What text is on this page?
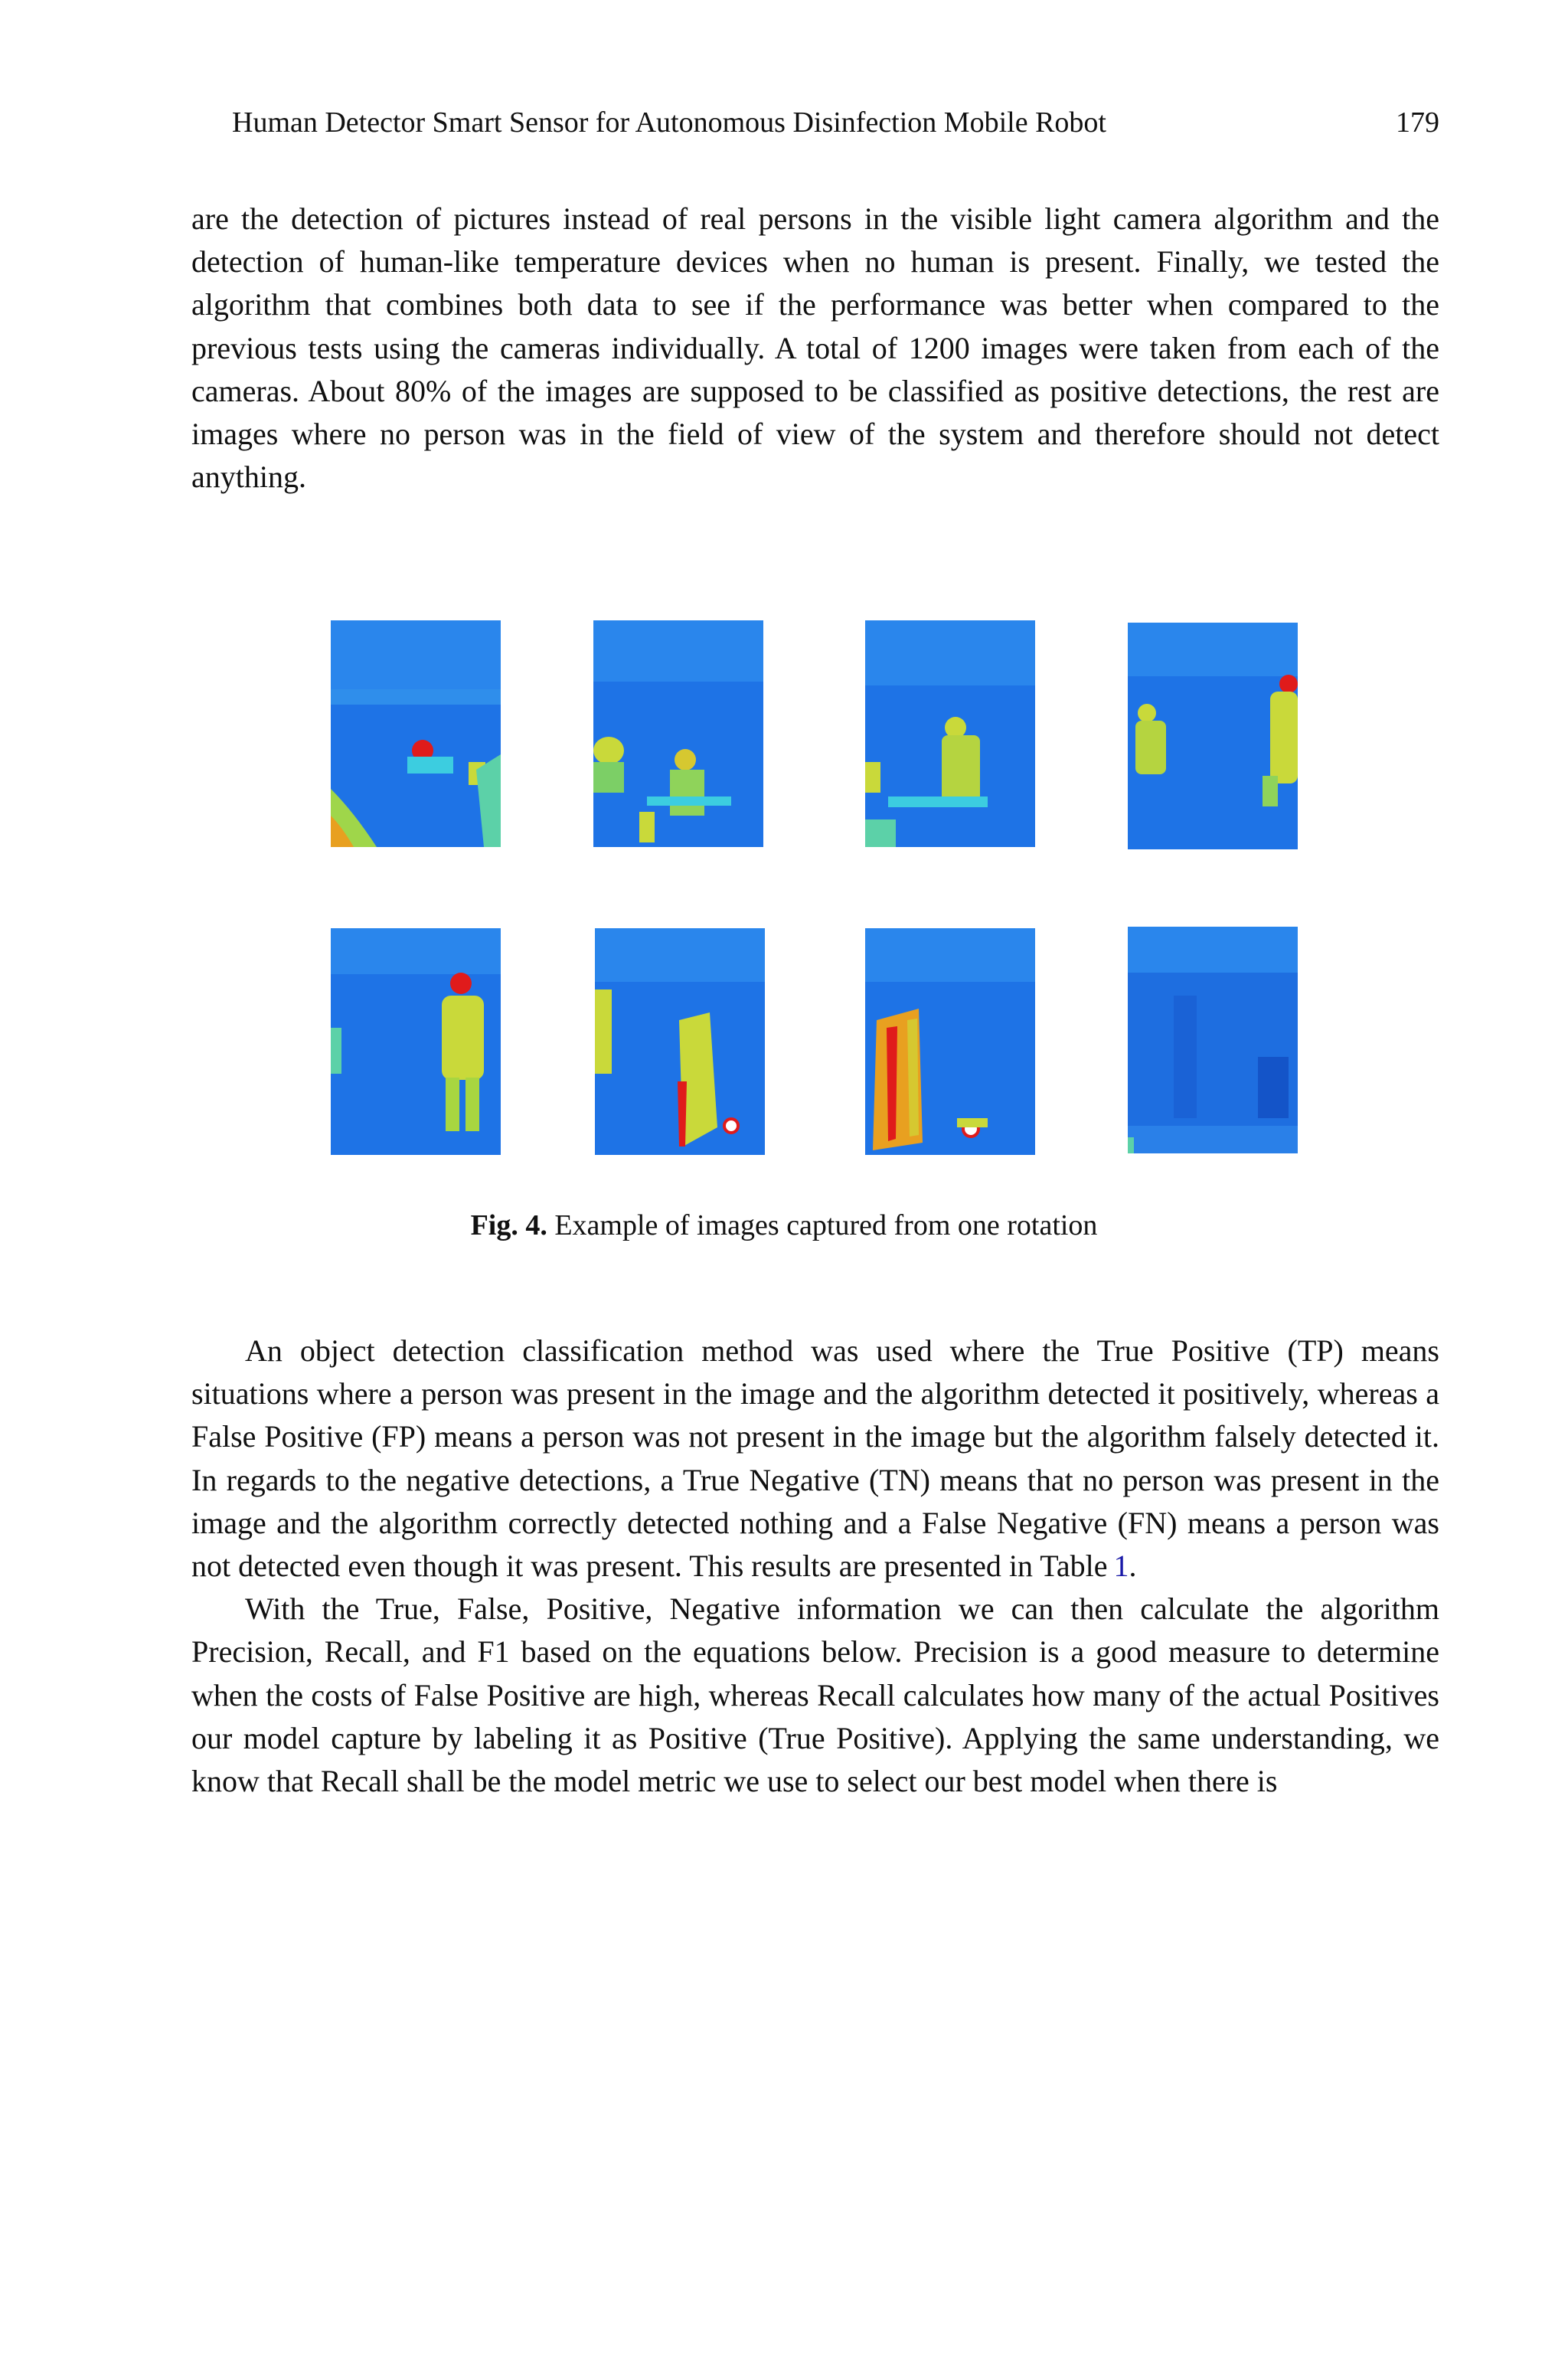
Human Detector Smart Sensor for Autonomous Disinfection Mobile Robot	179

are the detection of pictures instead of real persons in the visible light camera algorithm and the detection of human-like temperature devices when no human is present. Finally, we tested the algorithm that combines both data to see if the performance was better when compared to the previous tests using the cameras individually. A total of 1200 images were taken from each of the cameras. About 80% of the images are supposed to be classified as positive detections, the rest are images where no person was in the field of view of the system and therefore should not detect anything.

Fig. 4. Example of images captured from one rotation

An object detection classification method was used where the True Positive (TP) means situations where a person was present in the image and the algorithm detected it positively, whereas a False Positive (FP) means a person was not present in the image but the algorithm falsely detected it. In regards to the negative detections, a True Negative (TN) means that no person was present in the image and the algorithm correctly detected nothing and a False Negative (FN) means a person was not detected even though it was present. This results are presented in Table  1.

With the True, False, Positive, Negative information we can then calculate the algorithm Precision, Recall, and F1 based on the equations below. Precision is a good measure to determine when the costs of False Positive are high, whereas Recall calculates how many of the actual Positives our model capture by labeling it as Positive (True Positive). Applying the same understanding, we know that Recall shall be the model metric we use to select our best model when there is
